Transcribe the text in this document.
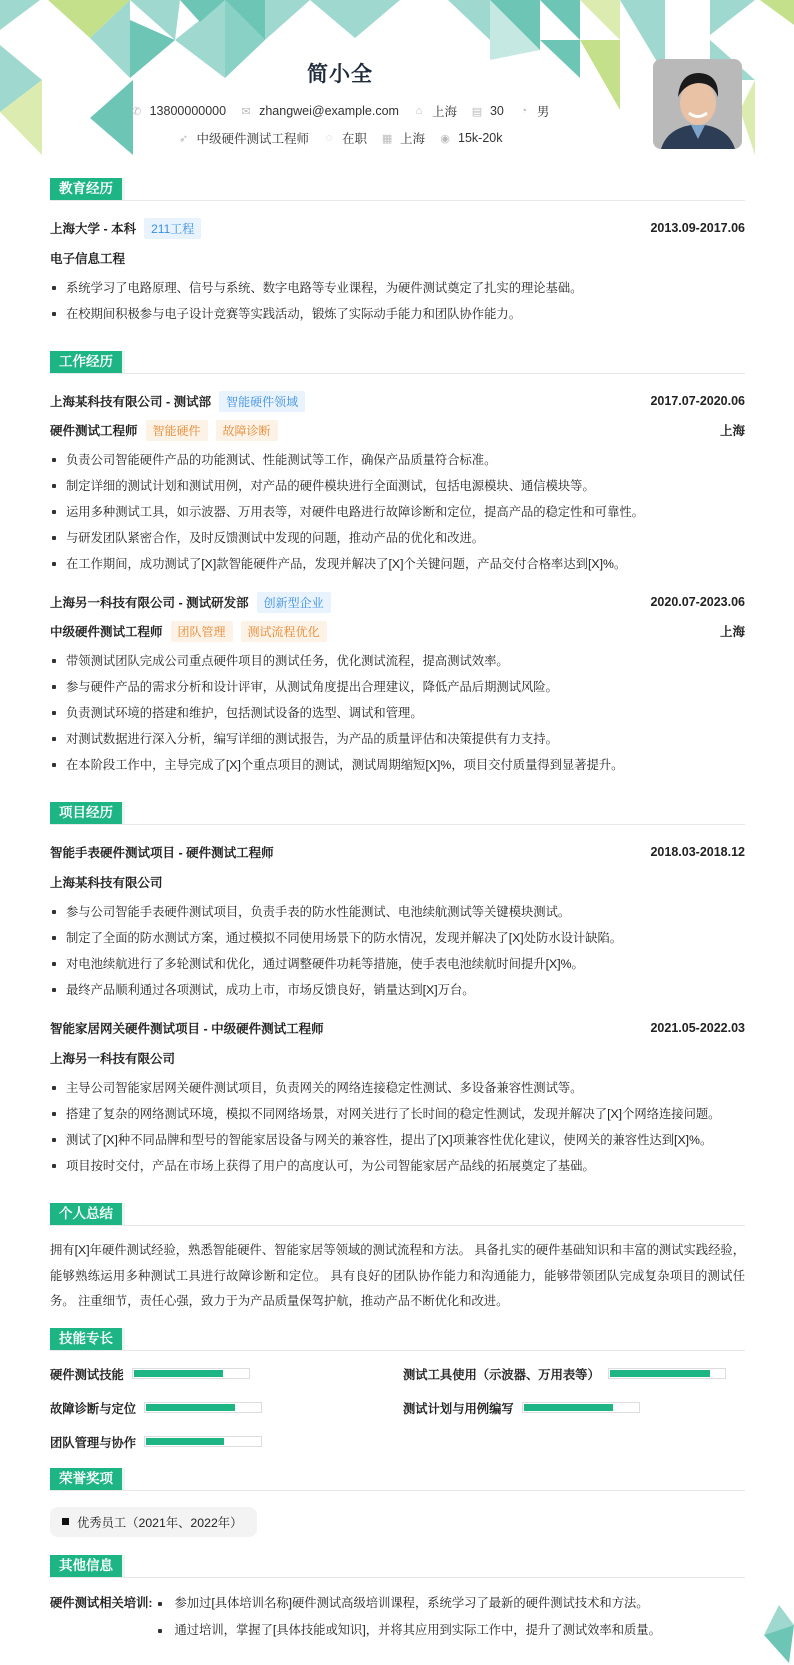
简小全
✆ 13800000000 ✉ zhangwei@example.com ⌂ 上海 ▤ 30 ◔ 男
➶ 中级硬件测试工程师 ◌ 在职 ▦ 上海 ◉ 15k-20k
教育经历
上海大学 - 本科	211工程	2013.09-2017.06
电子信息工程
系统学习了电路原理、信号与系统、数字电路等专业课程，为硬件测试奠定了扎实的理论基础。
在校期间积极参与电子设计竞赛等实践活动，锻炼了实际动手能力和团队协作能力。
工作经历
上海某科技有限公司 - 测试部	智能硬件领域	2017.07-2020.06
硬件测试工程师	智能硬件	故障诊断	上海
负责公司智能硬件产品的功能测试、性能测试等工作，确保产品质量符合标准。
制定详细的测试计划和测试用例，对产品的硬件模块进行全面测试，包括电源模块、通信模块等。
运用多种测试工具，如示波器、万用表等，对硬件电路进行故障诊断和定位，提高产品的稳定性和可靠性。
与研发团队紧密合作，及时反馈测试中发现的问题，推动产品的优化和改进。
在工作期间，成功测试了[X]款智能硬件产品，发现并解决了[X]个关键问题，产品交付合格率达到[X]%。
上海另一科技有限公司 - 测试研发部	创新型企业	2020.07-2023.06
中级硬件测试工程师	团队管理	测试流程优化	上海
带领测试团队完成公司重点硬件项目的测试任务，优化测试流程，提高测试效率。
参与硬件产品的需求分析和设计评审，从测试角度提出合理建议，降低产品后期测试风险。
负责测试环境的搭建和维护，包括测试设备的选型、调试和管理。
对测试数据进行深入分析，编写详细的测试报告，为产品的质量评估和决策提供有力支持。
在本阶段工作中，主导完成了[X]个重点项目的测试，测试周期缩短[X]%，项目交付质量得到显著提升。
项目经历
智能手表硬件测试项目 - 硬件测试工程师	2018.03-2018.12
上海某科技有限公司
参与公司智能手表硬件测试项目，负责手表的防水性能测试、电池续航测试等关键模块测试。
制定了全面的防水测试方案，通过模拟不同使用场景下的防水情况，发现并解决了[X]处防水设计缺陷。
对电池续航进行了多轮测试和优化，通过调整硬件功耗等措施，使手表电池续航时间提升[X]%。
最终产品顺利通过各项测试，成功上市，市场反馈良好，销量达到[X]万台。
智能家居网关硬件测试项目 - 中级硬件测试工程师	2021.05-2022.03
上海另一科技有限公司
主导公司智能家居网关硬件测试项目，负责网关的网络连接稳定性测试、多设备兼容性测试等。
搭建了复杂的网络测试环境，模拟不同网络场景，对网关进行了长时间的稳定性测试，发现并解决了[X]个网络连接问题。
测试了[X]种不同品牌和型号的智能家居设备与网关的兼容性，提出了[X]项兼容性优化建议，使网关的兼容性达到[X]%。
项目按时交付，产品在市场上获得了用户的高度认可，为公司智能家居产品线的拓展奠定了基础。
个人总结
拥有[X]年硬件测试经验，熟悉智能硬件、智能家居等领域的测试流程和方法。 具备扎实的硬件基础知识和丰富的测试实践经验，能够熟练运用多种测试工具进行故障诊断和定位。 具有良好的团队协作能力和沟通能力，能够带领团队完成复杂项目的测试任务。 注重细节，责任心强，致力于为产品质量保驾护航，推动产品不断优化和改进。
技能专长
硬件测试技能	测试工具使用（示波器、万用表等）
故障诊断与定位	测试计划与用例编写
团队管理与协作
荣誉奖项
优秀员工（2021年、2022年）
其他信息
硬件测试相关培训:	参加过[具体培训名称]硬件测试高级培训课程，系统学习了最新的硬件测试技术和方法。
通过培训，掌握了[具体技能或知识]，并将其应用到实际工作中，提升了测试效率和质量。
